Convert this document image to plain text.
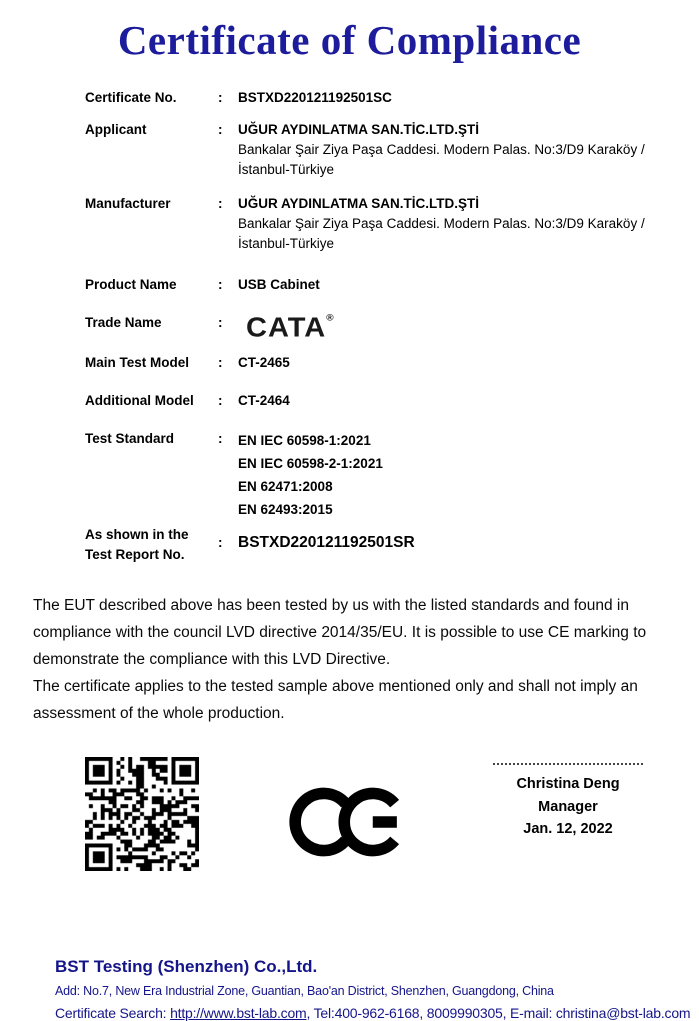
Certificate of Compliance
Certificate No.	:	BSTXD220121192501SC
Applicant	:	UĞUR AYDINLATMA SAN.TİC.LTD.ŞTİ
Bankalar Şair Ziya Paşa Caddesi. Modern Palas. No:3/D9 Karaköy /
İstanbul-Türkiye
Manufacturer	:	UĞUR AYDINLATMA SAN.TİC.LTD.ŞTİ
Bankalar Şair Ziya Paşa Caddesi. Modern Palas. No:3/D9 Karaköy /
İstanbul-Türkiye
Product Name	:	USB Cabinet
Trade Name	: CATA®
Main Test Model	:	CT-2465
Additional Model	:	CT-2464
Test Standard	:	EN IEC 60598-1:2021
EN IEC 60598-2-1:2021
EN 62471:2008
EN 62493:2015
As shown in the
Test Report No.
:	BSTXD220121192501SR

The EUT described above has been tested by us with the listed standards and found in compliance with the council LVD directive 2014/35/EU. It is possible to use CE marking to demonstrate the compliance with this LVD Directive.

The certificate applies to the tested sample above mentioned only and shall not imply an assessment of the whole production.

Christina Deng
Manager
Jan. 12, 2022
BST Testing (Shenzhen) Co.,Ltd.
Add: No.7, New Era Industrial Zone, Guantian, Bao'an District, Shenzhen, Guangdong, China
Certificate Search: http://www.bst-lab.com, Tel:400-962-6168, 8009990305, E-mail: christina@bst-lab.com
